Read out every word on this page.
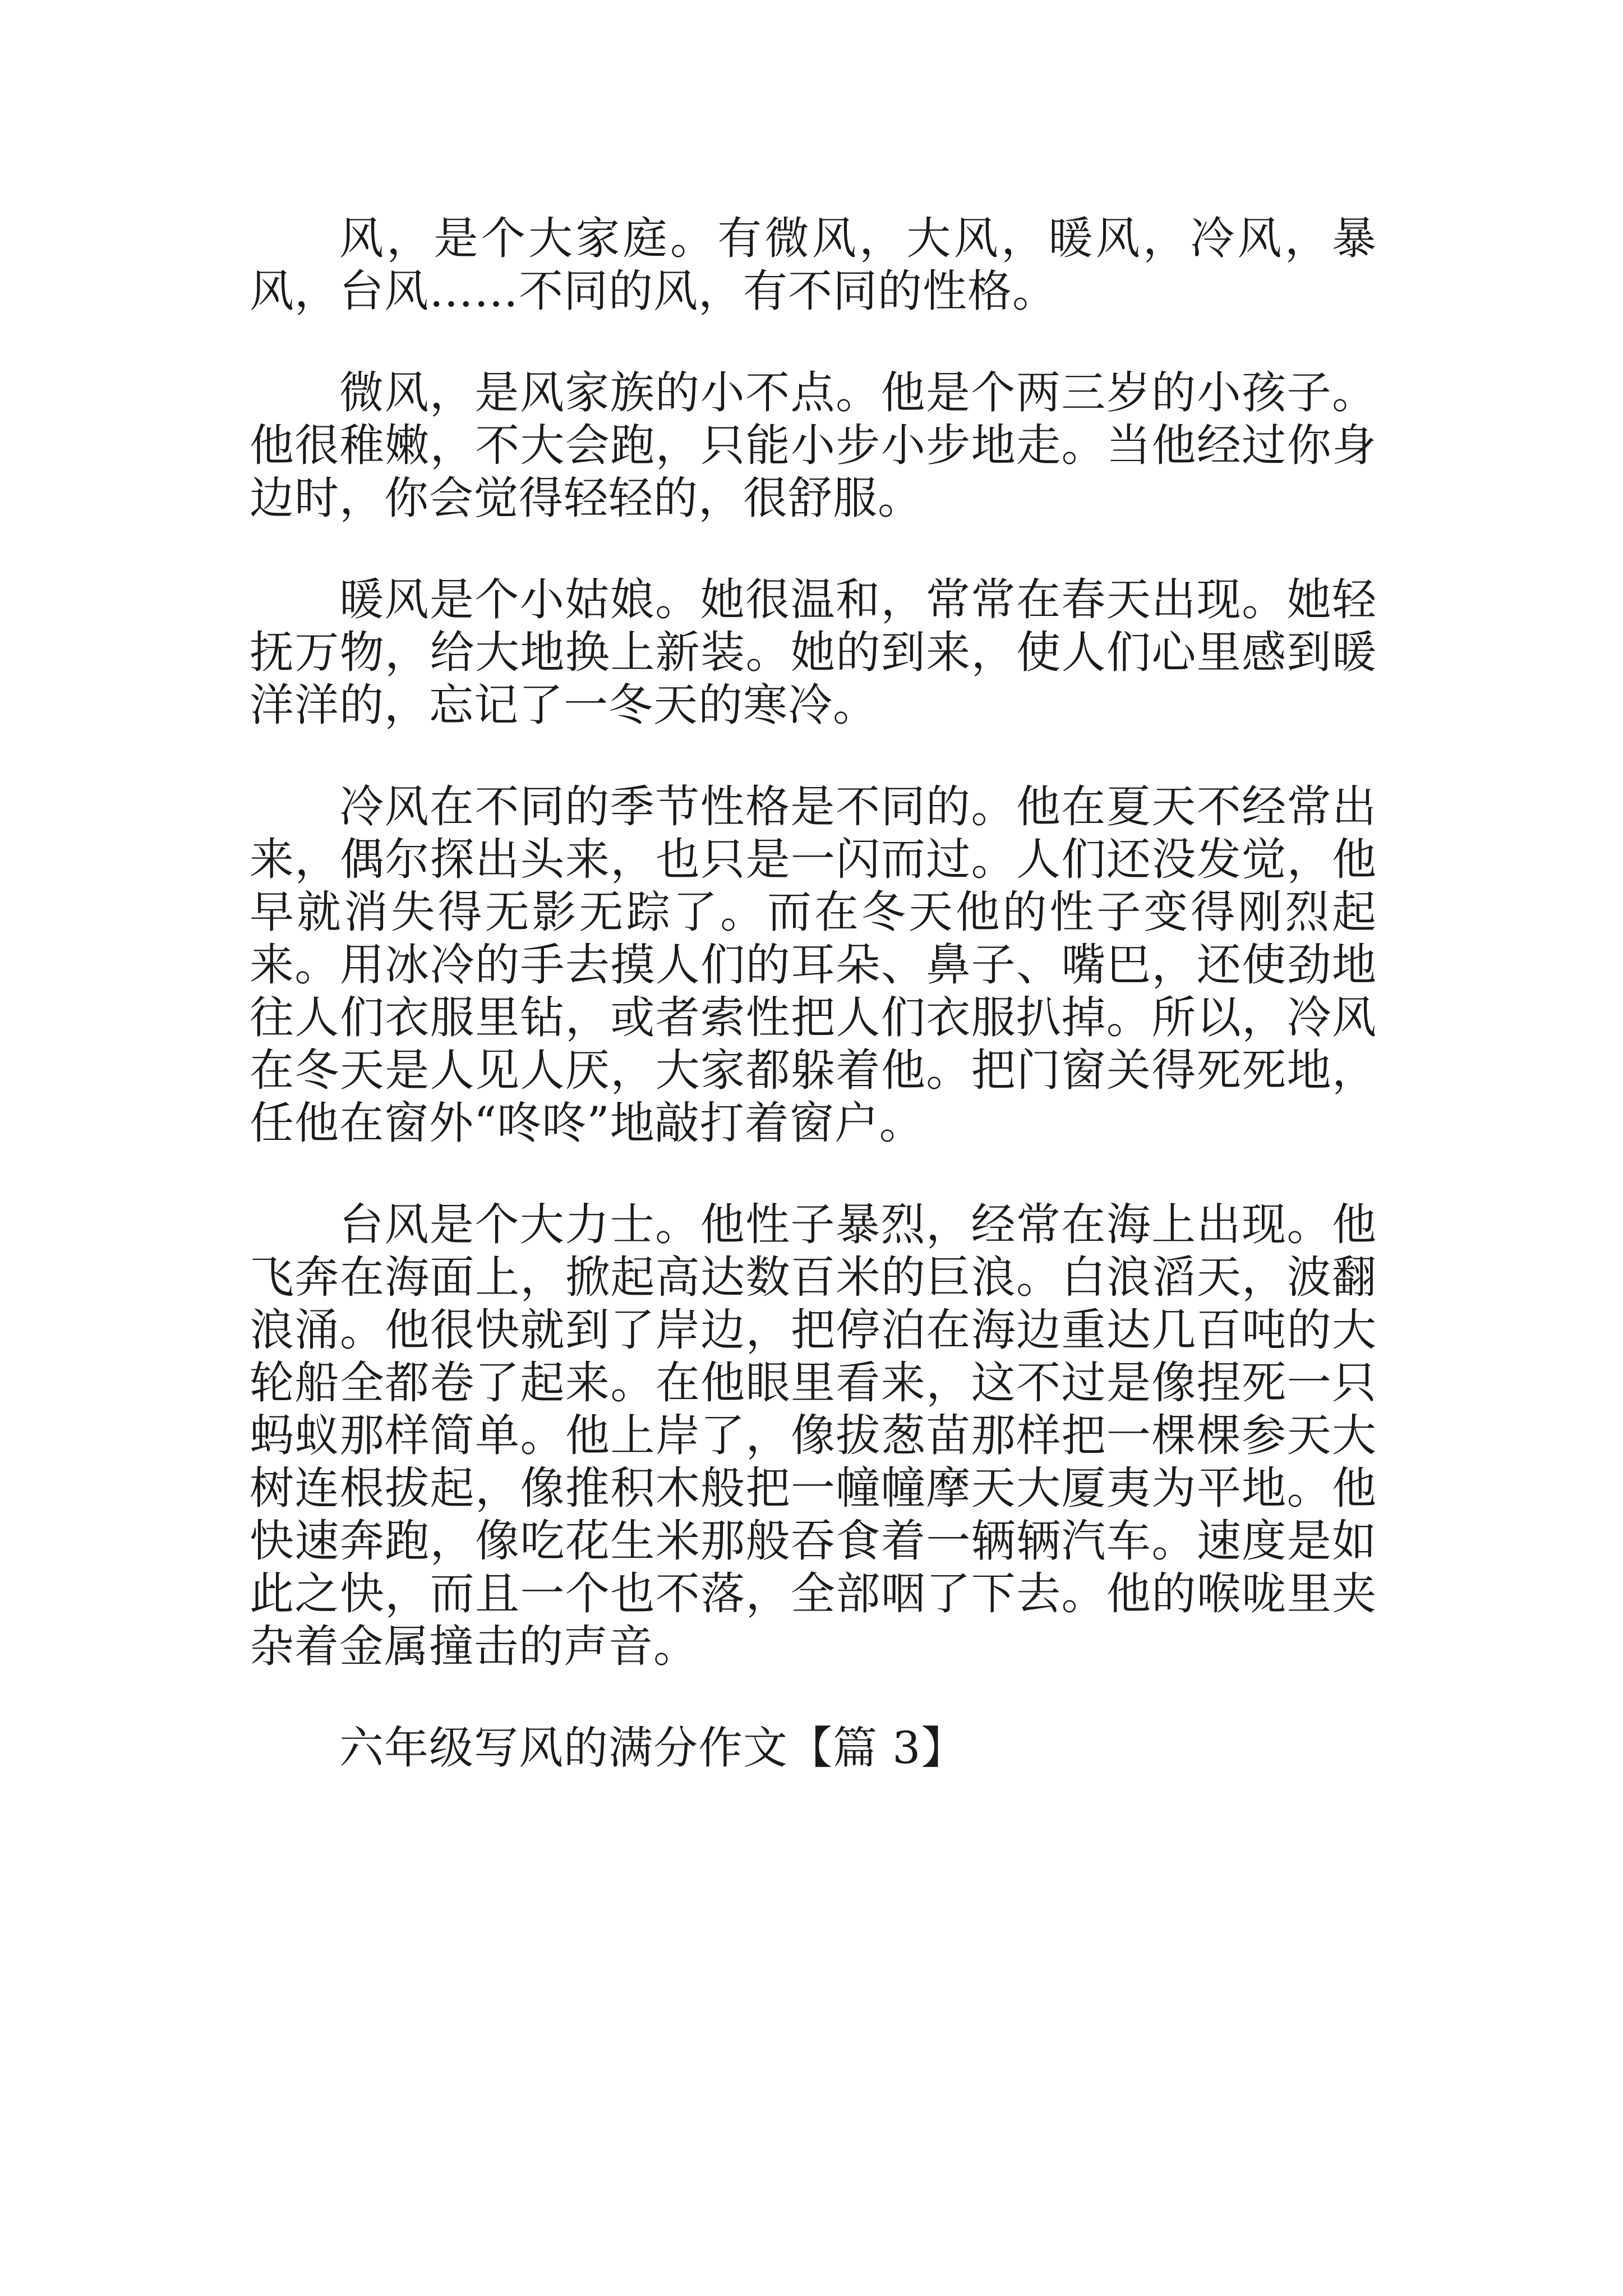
风，是个大家庭。有微风，大风，暖风，冷风，暴风，台风……不同的风，有不同的性格。

微风，是风家族的小不点。他是个两三岁的小孩子。他很稚嫩，不大会跑，只能小步小步地走。当他经过你身边时，你会觉得轻轻的，很舒服。

暖风是个小姑娘。她很温和，常常在春天出现。她轻抚万物，给大地换上新装。她的到来，使人们心里感到暖洋洋的，忘记了一冬天的寒冷。

冷风在不同的季节性格是不同的。他在夏天不经常出来，偶尔探出头来，也只是一闪而过。人们还没发觉，他早就消失得无影无踪了。而在冬天他的性子变得刚烈起来。用冰冷的手去摸人们的耳朵、鼻子、嘴巴，还使劲地往人们衣服里钻，或者索性把人们衣服扒掉。所以，冷风在冬天是人见人厌，大家都躲着他。把门窗关得死死地，任他在窗外“咚咚”地敲打着窗户。

台风是个大力士。他性子暴烈，经常在海上出现。他飞奔在海面上，掀起高达数百米的巨浪。白浪滔天，波翻浪涌。他很快就到了岸边，把停泊在海边重达几百吨的大轮船全都卷了起来。在他眼里看来，这不过是像捏死一只蚂蚁那样简单。他上岸了，像拔葱苗那样把一棵棵参天大树连根拔起，像推积木般把一幢幢摩天大厦夷为平地。他快速奔跑，像吃花生米那般吞食着一辆辆汽车。速度是如此之快，而且一个也不落，全部咽了下去。他的喉咙里夹杂着金属撞击的声音。

六年级写风的满分作文【篇 3】
